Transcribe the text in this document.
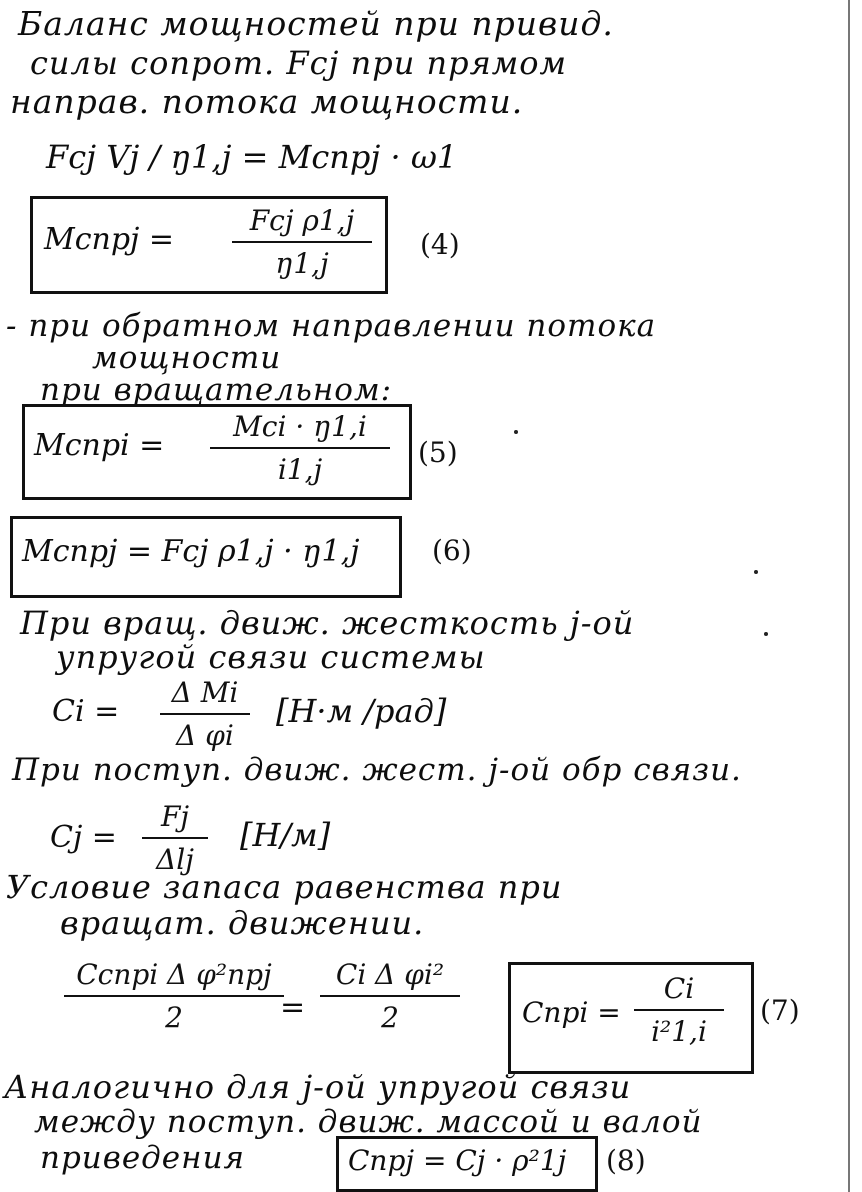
Баланс мощностей при привид.
силы сопрот. Fcj при прямом
направ. потока мощности.
Fcj Vj / ŋ1,j = Mспрj · ω1
Mспрj =
Fcj ρ1,j
ŋ1,j
(4)
- при обратном направлении потока
мощности
при вращательном:
Mспрi =
Mci · ŋ1,i
i1,j
(5)
Mспрj = Fcj ρ1,j · ŋ1,j	(6)
При вращ. движ. жесткость j-ой
упругой связи системы
Ci =
Δ Mi
Δ φi
[Н·м /рад]
При поступ. движ. жест. j-ой обр связи.
Cj =
Fj
Δlj
[Н/м]
Условие запаса равенства при
вращат. движении.
Cспрi Δ φ²прj
2	=
Ci Δ φi²
2	Cпрi =
Ci
i²1,i
(7)
Аналогично для j-ой упругой связи
между поступ. движ. массой и валой
приведения	Cпрj = Cj · ρ²1j (8)
